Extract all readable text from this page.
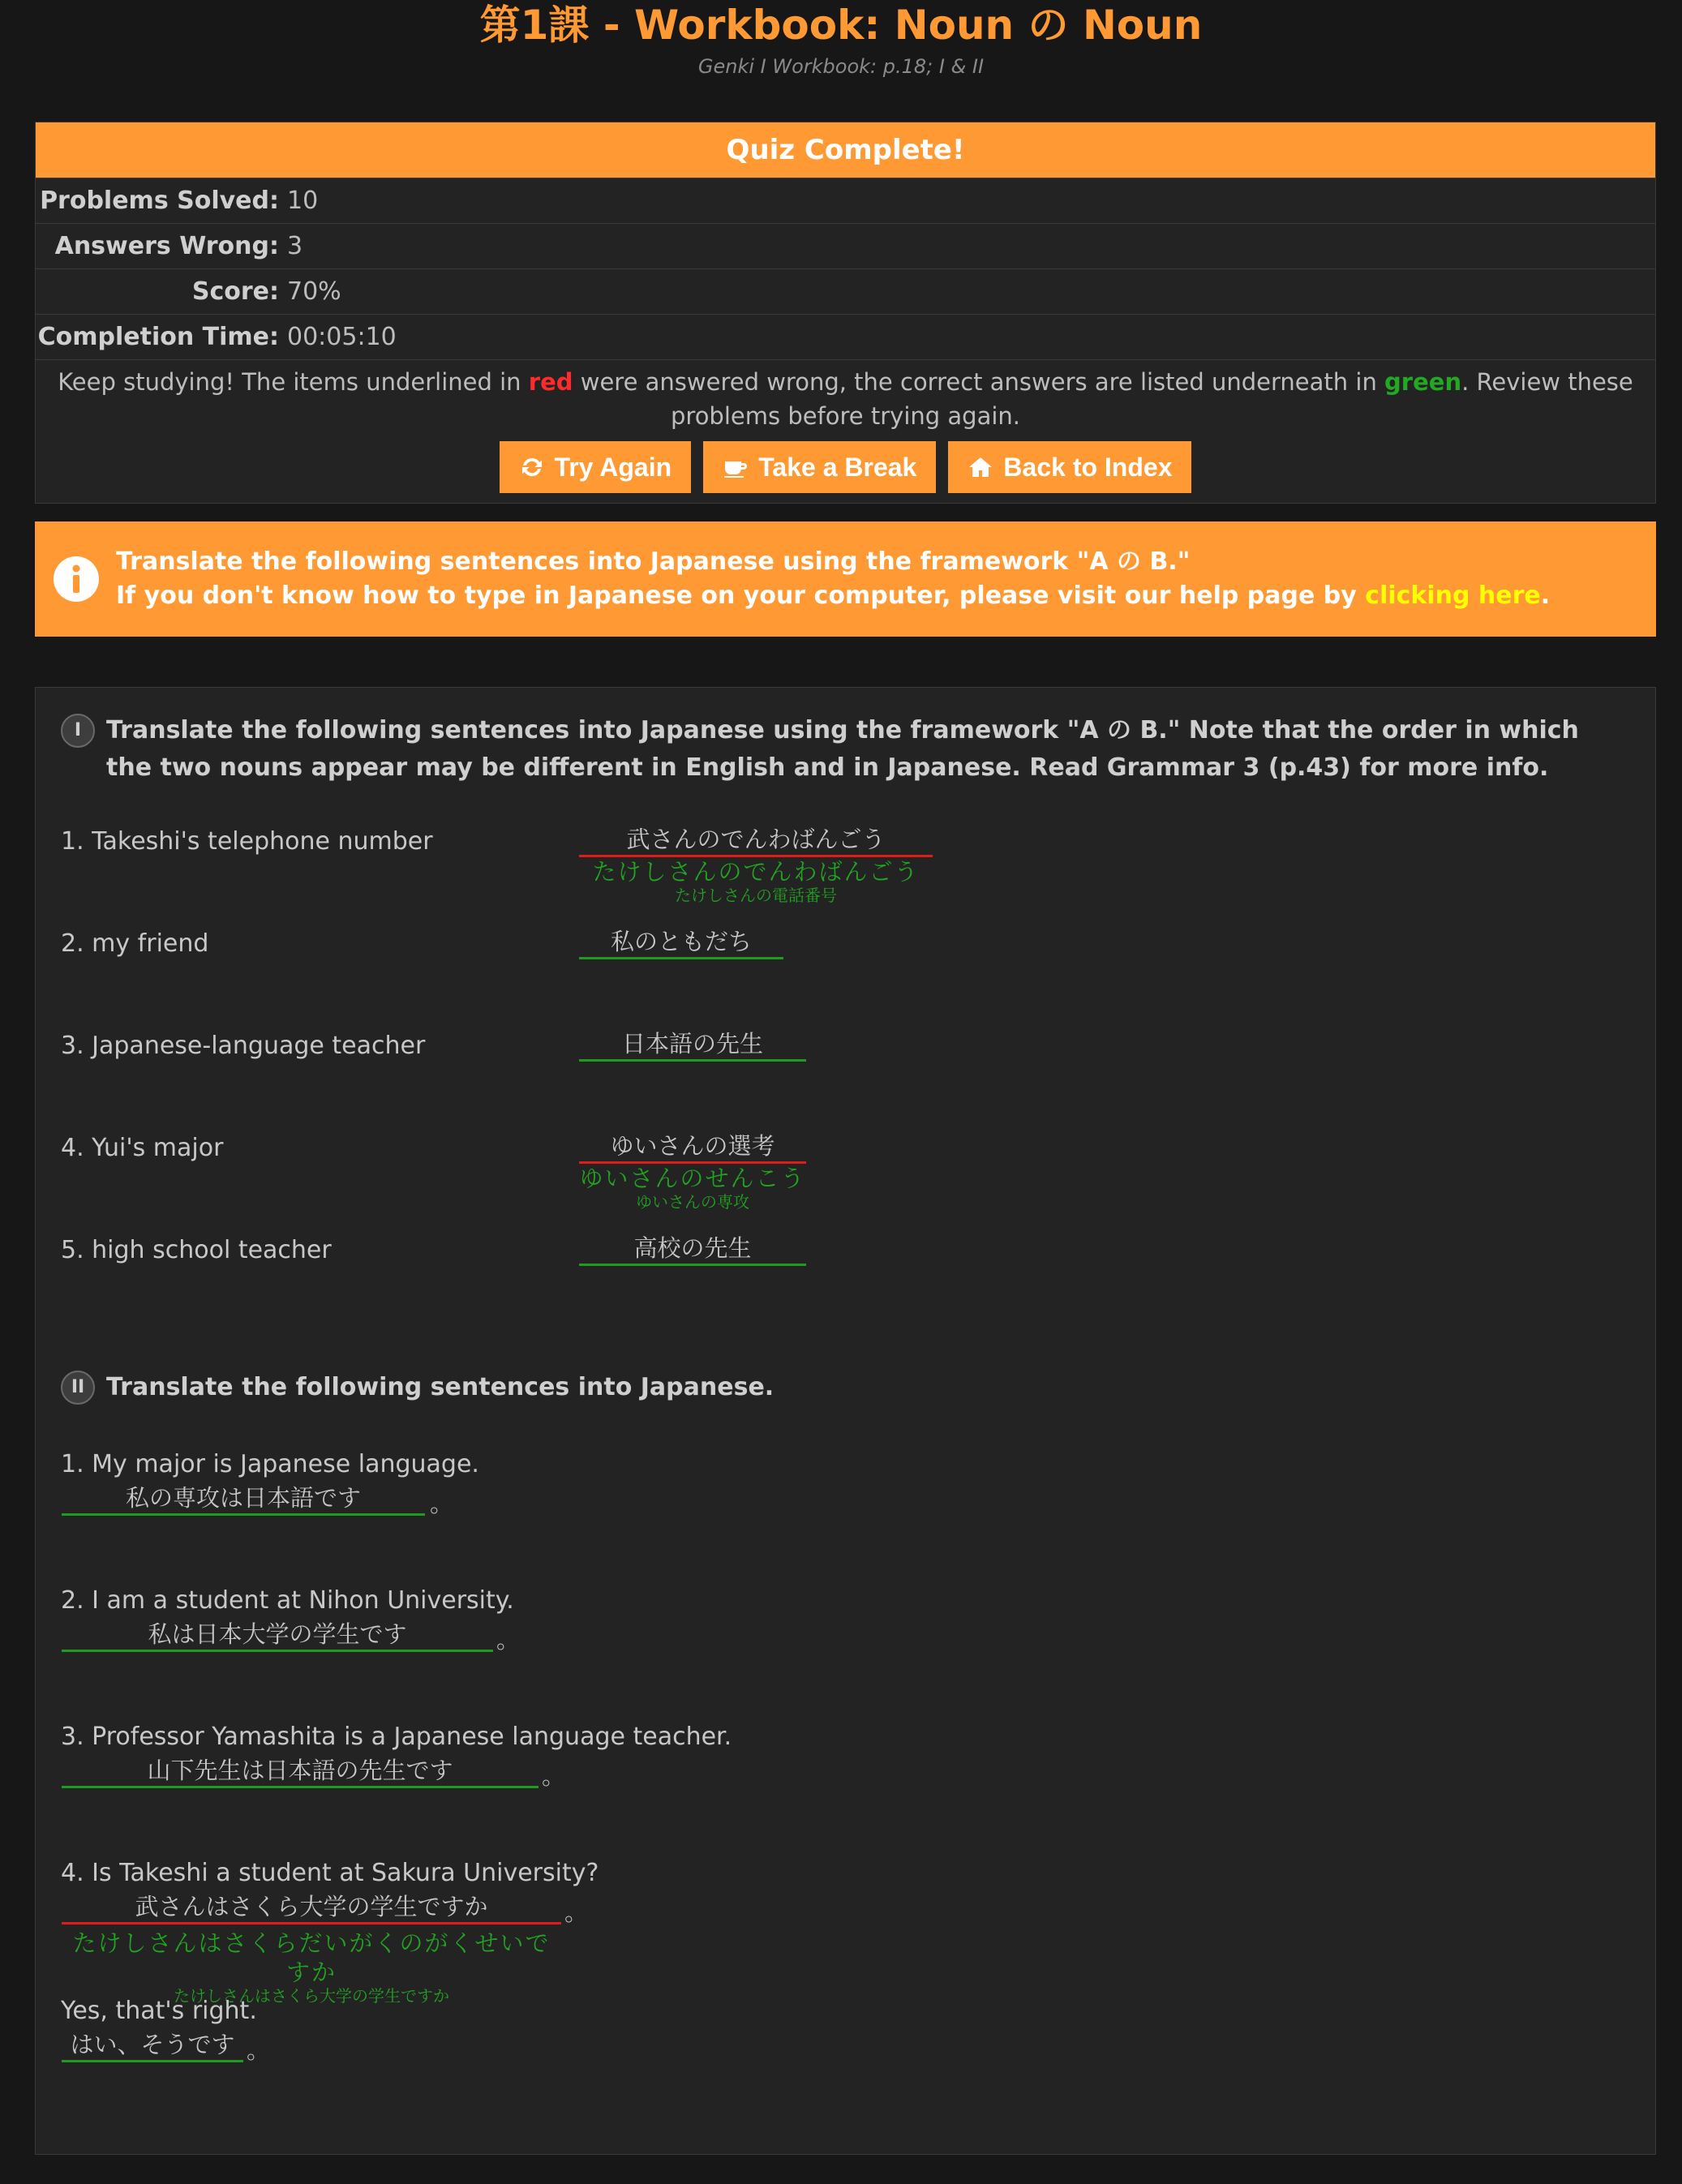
第1課 - Workbook: Noun の Noun
Genki I Workbook: p.18; I & II
Quiz Complete!
Problems Solved: 10
Answers Wrong: 3
Score: 70%
Completion Time: 00:05:10
Keep studying! The items underlined in red were answered wrong, the correct answers are listed underneath in green. Review these problems before trying again.
Try Again
	Take a Break
	Back to Index
Translate the following sentences into Japanese using the framework "A の B."
If you don't know how to type in Japanese on your computer, please visit our help page by clicking here.
I	Translate the following sentences into Japanese using the framework "A の B." Note that the order in which the two nouns appear may be different in English and in Japanese. Read Grammar 3 (p.43) for more info.
1. Takeshi's telephone number	武さんのでんわばんごう
たけしさんのでんわばんごう
たけしさんの電話番号
2. my friend	私のともだち
3. Japanese-language teacher	日本語の先生
4. Yui's major	ゆいさんの選考
ゆいさんのせんこう
ゆいさんの専攻
5. high school teacher	高校の先生
II Translate the following sentences into Japanese.
1. My major is Japanese language.
私の専攻は日本語です	。
2. I am a student at Nihon University.
私は日本大学の学生です	。
3. Professor Yamashita is a Japanese language teacher.
山下先生は日本語の先生です	。
4. Is Takeshi a student at Sakura University?
武さんはさくら大学の学生ですか	。
たけしさんはさくらだいがくのがくせいですか
たけしさんはさくら大学の学生ですか
Yes, that's right.
はい、そうです 。
